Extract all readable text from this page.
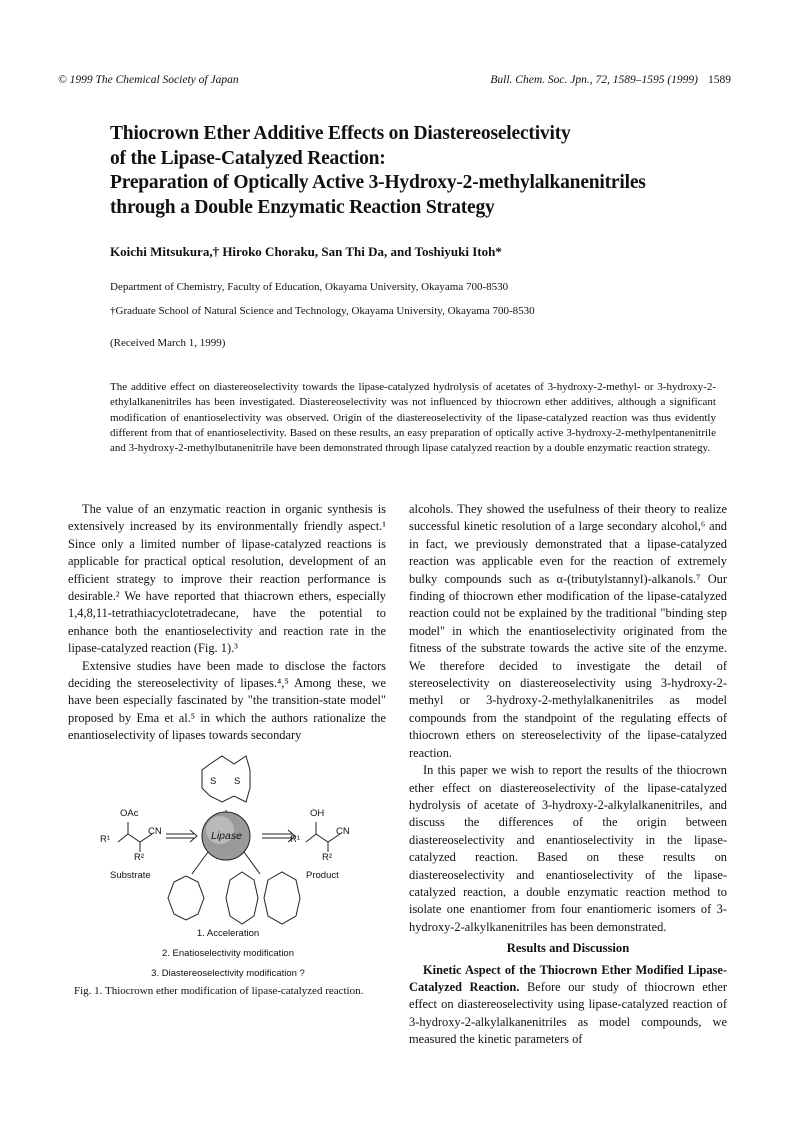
© 1999 The Chemical Society of Japan	Bull. Chem. Soc. Jpn., 72, 1589–1595 (1999) 1589
Thiocrown Ether Additive Effects on Diastereoselectivity
of the Lipase-Catalyzed Reaction:
Preparation of Optically Active 3-Hydroxy-2-methylalkanenitriles
through a Double Enzymatic Reaction Strategy
Koichi Mitsukura,† Hiroko Choraku, San Thi Da, and Toshiyuki Itoh*
Department of Chemistry, Faculty of Education, Okayama University, Okayama 700-8530
†Graduate School of Natural Science and Technology, Okayama University, Okayama 700-8530
(Received March 1, 1999)
The additive effect on diastereoselectivity towards the lipase-catalyzed hydrolysis of acetates of 3-hydroxy-2-methyl- or 3-hydroxy-2-ethylalkanenitriles has been investigated. Diastereoselectivity was not influenced by thiocrown ether additives, although a significant modification of enantioselectivity was observed. Origin of the diastereoselectivity of the lipase-catalyzed reaction was thus evidently different from that of enantioselectivity. Based on these results, an easy preparation of optically active 3-hydroxy-2-methylpentanenitrile and 3-hydroxy-2-methylbutanenitrile have been demonstrated through lipase catalyzed reaction by a double enzymatic reaction strategy.

The value of an enzymatic reaction in organic synthesis is extensively increased by its environmentally friendly aspect.¹ Since only a limited number of lipase-catalyzed reactions is applicable for practical optical resolution, development of an efficient strategy to improve their reaction performance is desirable.² We have reported that thiacrown ethers, especially 1,4,8,11-tetrathiacyclotetradecane, have the potential to enhance both the enantioselectivity and reaction rate in the lipase-catalyzed reaction (Fig. 1).³

Extensive studies have been made to disclose the factors deciding the stereoselectivity of lipases.⁴,⁵ Among these, we have been especially fascinated by "the transition-state model" proposed by Ema et al.⁵ in which the authors rationalize the enantioselectivity of lipases towards secondary

S S
Lipase
OAc
CN
R¹
R²
Substrate
OH
CN
R¹
R²
Product
1. Acceleration
2. Enatioselectivity modification
3. Diastereoselectivity modification ?
Fig. 1. Thiocrown ether modification of lipase-catalyzed reaction.

alcohols. They showed the usefulness of their theory to realize successful kinetic resolution of a large secondary alcohol,⁶ and in fact, we previously demonstrated that a lipase-catalyzed reaction was applicable even for the reaction of extremely bulky compounds such as α-(tributylstannyl)-alkanols.⁷ Our finding of thiocrown ether modification of the lipase-catalyzed reaction could not be explained by the traditional "binding step model" in which the enantioselectivity originated from the fitness of the substrate towards the active site of the enzyme. We therefore decided to investigate the detail of stereoselectivity on diastereoselectivity using 3-hydroxy-2-methyl or 3-hydroxy-2-methylalkanenitriles as model compounds from the standpoint of the regulating effects of thiocrown ethers on stereoselectivity of the lipase-catalyzed reaction.

In this paper we wish to report the results of the thiocrown ether effect on diastereoselectivity of the lipase-catalyzed hydrolysis of acetate of 3-hydroxy-2-alkylalkanenitriles, and discuss the differences of the origin between diastereoselectivity and enantioselectivity in the lipase-catalyzed reaction. Based on these results on diastereoselectivity and enantioselectivity of the lipase-catalyzed reaction, a double enzymatic reaction method to isolate one enantiomer from four enantiomeric isomers of 3-hydroxy-2-alkylkanenitriles has been demonstrated.

Results and Discussion

Kinetic Aspect of the Thiocrown Ether Modified Lipase-Catalyzed Reaction. Before our study of thiocrown ether effect on diastereoselectivity using lipase-catalyzed reaction of 3-hydroxy-2-alkylalkanenitriles as model compounds, we measured the kinetic parameters of
